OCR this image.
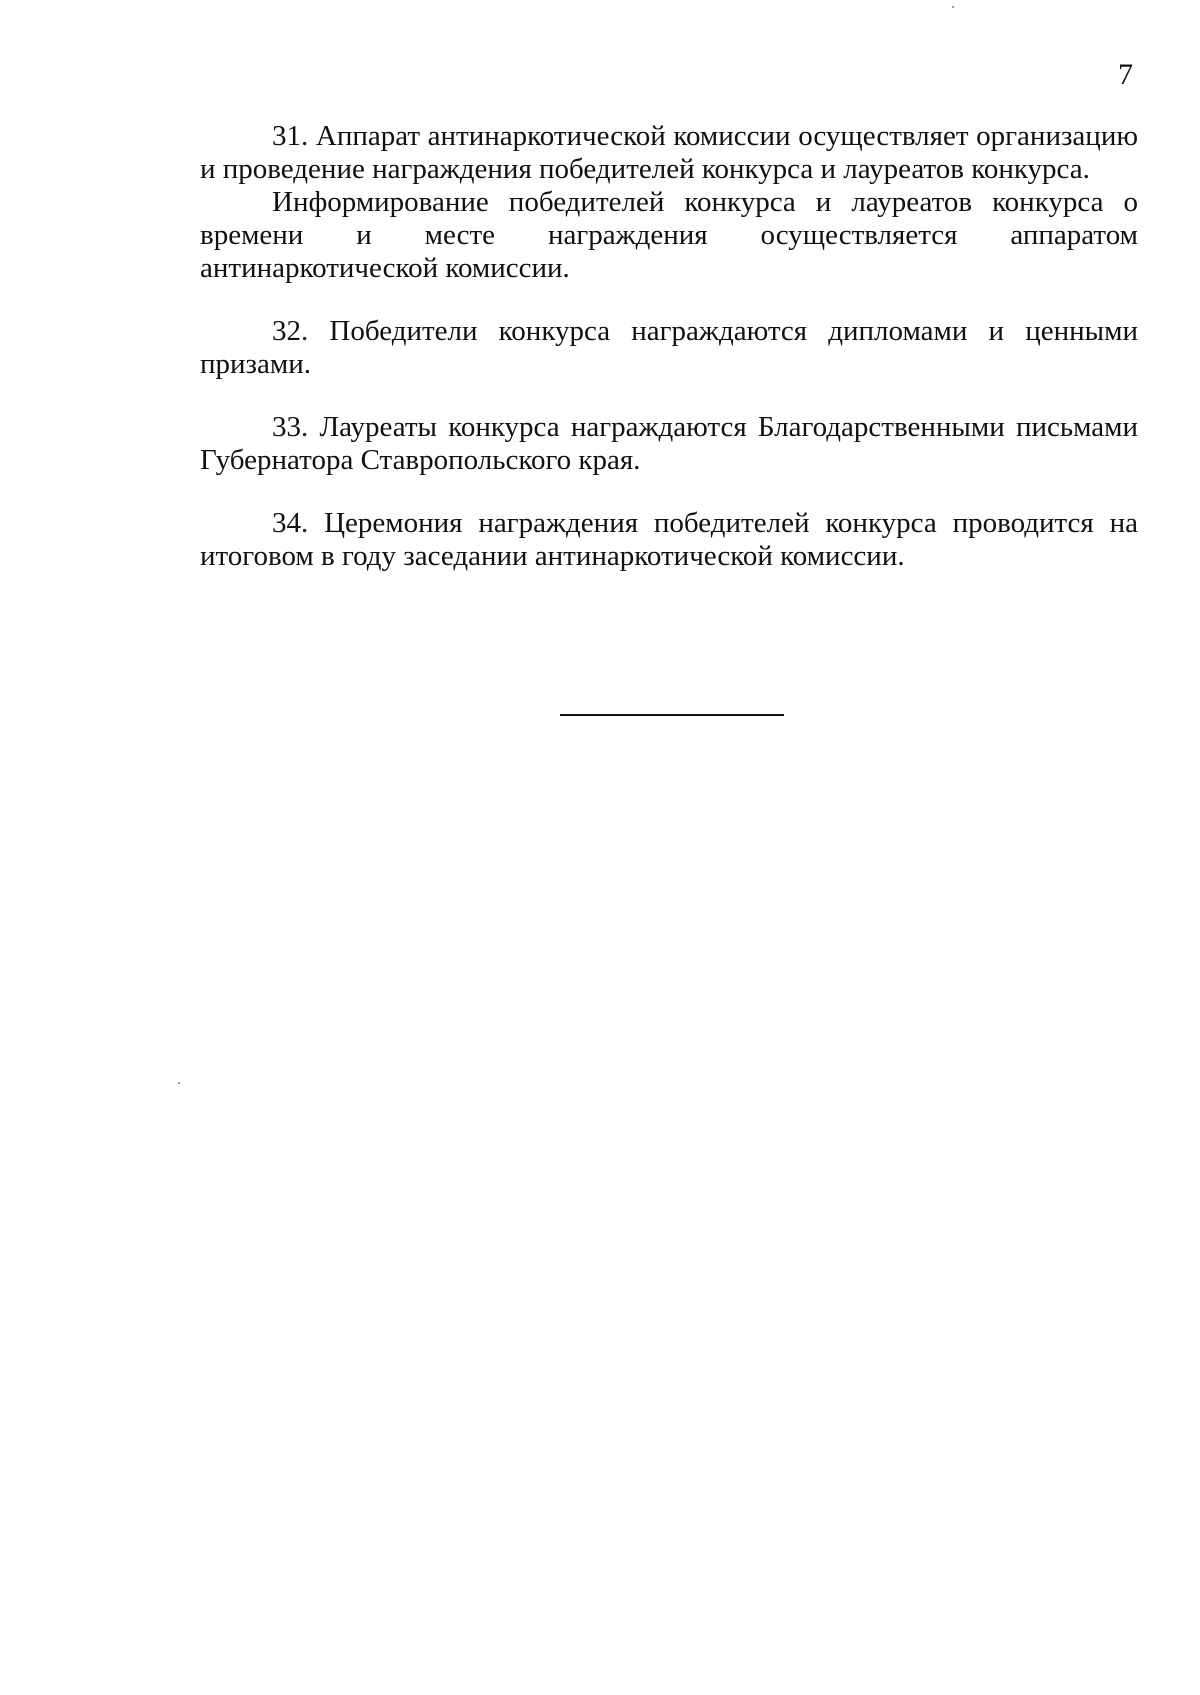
7

31. Аппарат антинаркотической комиссии осуществляет организацию и проведение награждения победителей конкурса и лауреатов конкурса.

Информирование победителей конкурса и лауреатов конкурса о времени и месте награждения осуществляется аппаратом антинаркотической комиссии.

32. Победители конкурса награждаются дипломами и ценными призами.

33. Лауреаты конкурса награждаются Благодарственными письмами Губернатора Ставропольского края.

34. Церемония награждения победителей конкурса проводится на итоговом в году заседании антинаркотической комиссии.
